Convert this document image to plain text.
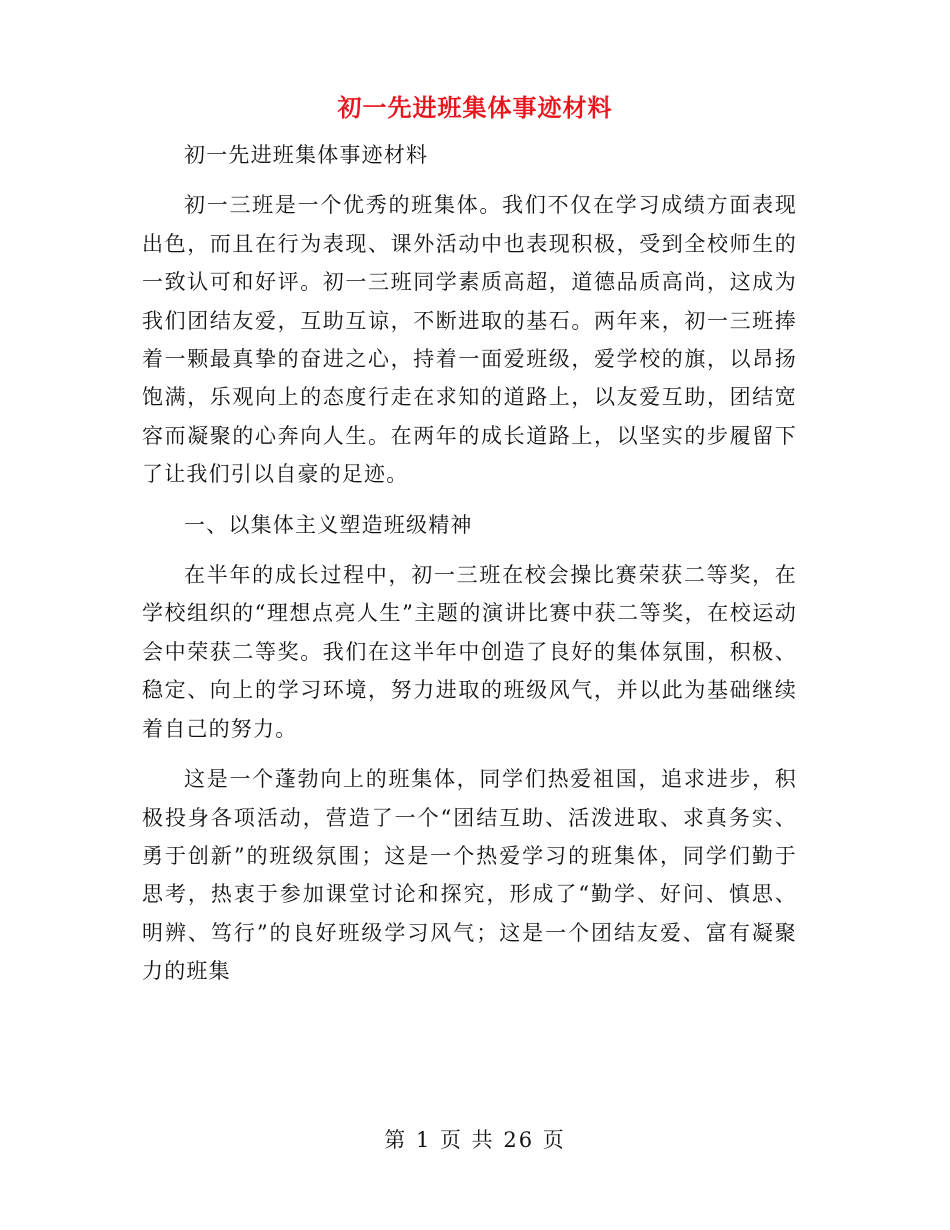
初一先进班集体事迹材料

初一先进班集体事迹材料

初一三班是一个优秀的班集体。我们不仅在学习成绩方面表现出色，而且在行为表现、课外活动中也表现积极，受到全校师生的一致认可和好评。初一三班同学素质高超，道德品质高尚，这成为我们团结友爱，互助互谅，不断进取的基石。两年来，初一三班捧着一颗最真挚的奋进之心，持着一面爱班级，爱学校的旗，以昂扬饱满，乐观向上的态度行走在求知的道路上，以友爱互助，团结宽容而凝聚的心奔向人生。在两年的成长道路上，以坚实的步履留下了让我们引以自豪的足迹。

一、以集体主义塑造班级精神

在半年的成长过程中，初一三班在校会操比赛荣获二等奖，在学校组织的“理想点亮人生”主题的演讲比赛中获二等奖，在校运动会中荣获二等奖。我们在这半年中创造了良好的集体氛围，积极、稳定、向上的学习环境，努力进取的班级风气，并以此为基础继续着自己的努力。

这是一个蓬勃向上的班集体，同学们热爱祖国，追求进步，积极投身各项活动，营造了一个“团结互助、活泼进取、求真务实、勇于创新”的班级氛围；这是一个热爱学习的班集体，同学们勤于思考，热衷于参加课堂讨论和探究，形成了“勤学、好问、慎思、明辨、笃行”的良好班级学习风气；这是一个团结友爱、富有凝聚力的班集

第 1 页 共 26 页
